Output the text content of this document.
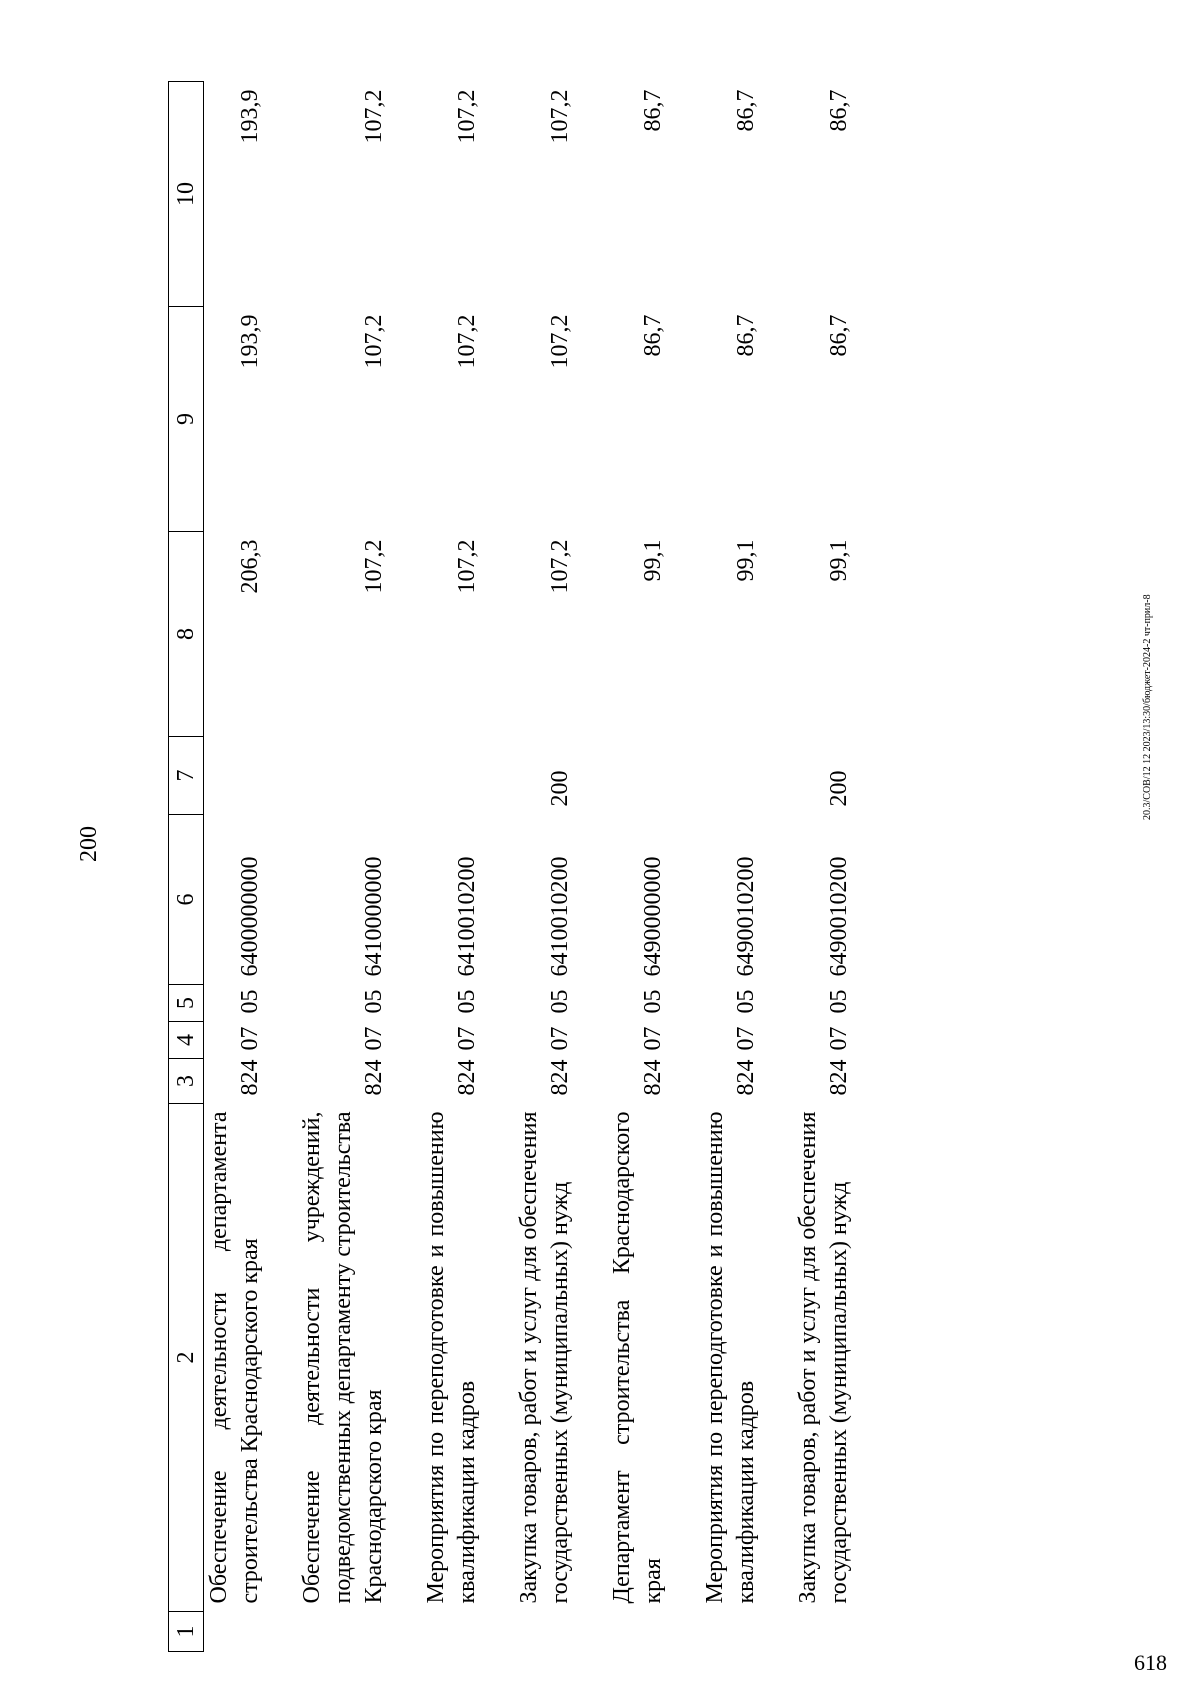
200
20.3/СОВ/12 12 2023/13:30/бюджет-2024-2 чт-прил-8
618
1	2	3	4	5	6	7	8	9	10
	Обеспечение деятельности департамента строительства Краснодарского края	824	07	05	6400000000		206,3	193,9	193,9

	Обеспечение деятельности учреждений, подведомственных департаменту строительства Краснодарского края	824	07	05	6410000000		107,2	107,2	107,2

	Мероприятия по переподготовке и повышению квалификации кадров	824	07	05	6410010200		107,2	107,2	107,2

	Закупка товаров, работ и услуг для обеспечения государственных (муниципальных) нужд	824	07	05	6410010200	200	107,2	107,2	107,2

	Департамент строительства Краснодарского края	824	07	05	6490000000		99,1	86,7	86,7

	Мероприятия по переподготовке и повышению квалификации кадров	824	07	05	6490010200		99,1	86,7	86,7

	Закупка товаров, работ и услуг для обеспечения государственных (муниципальных) нужд	824	07	05	6490010200	200	99,1	86,7	86,7
